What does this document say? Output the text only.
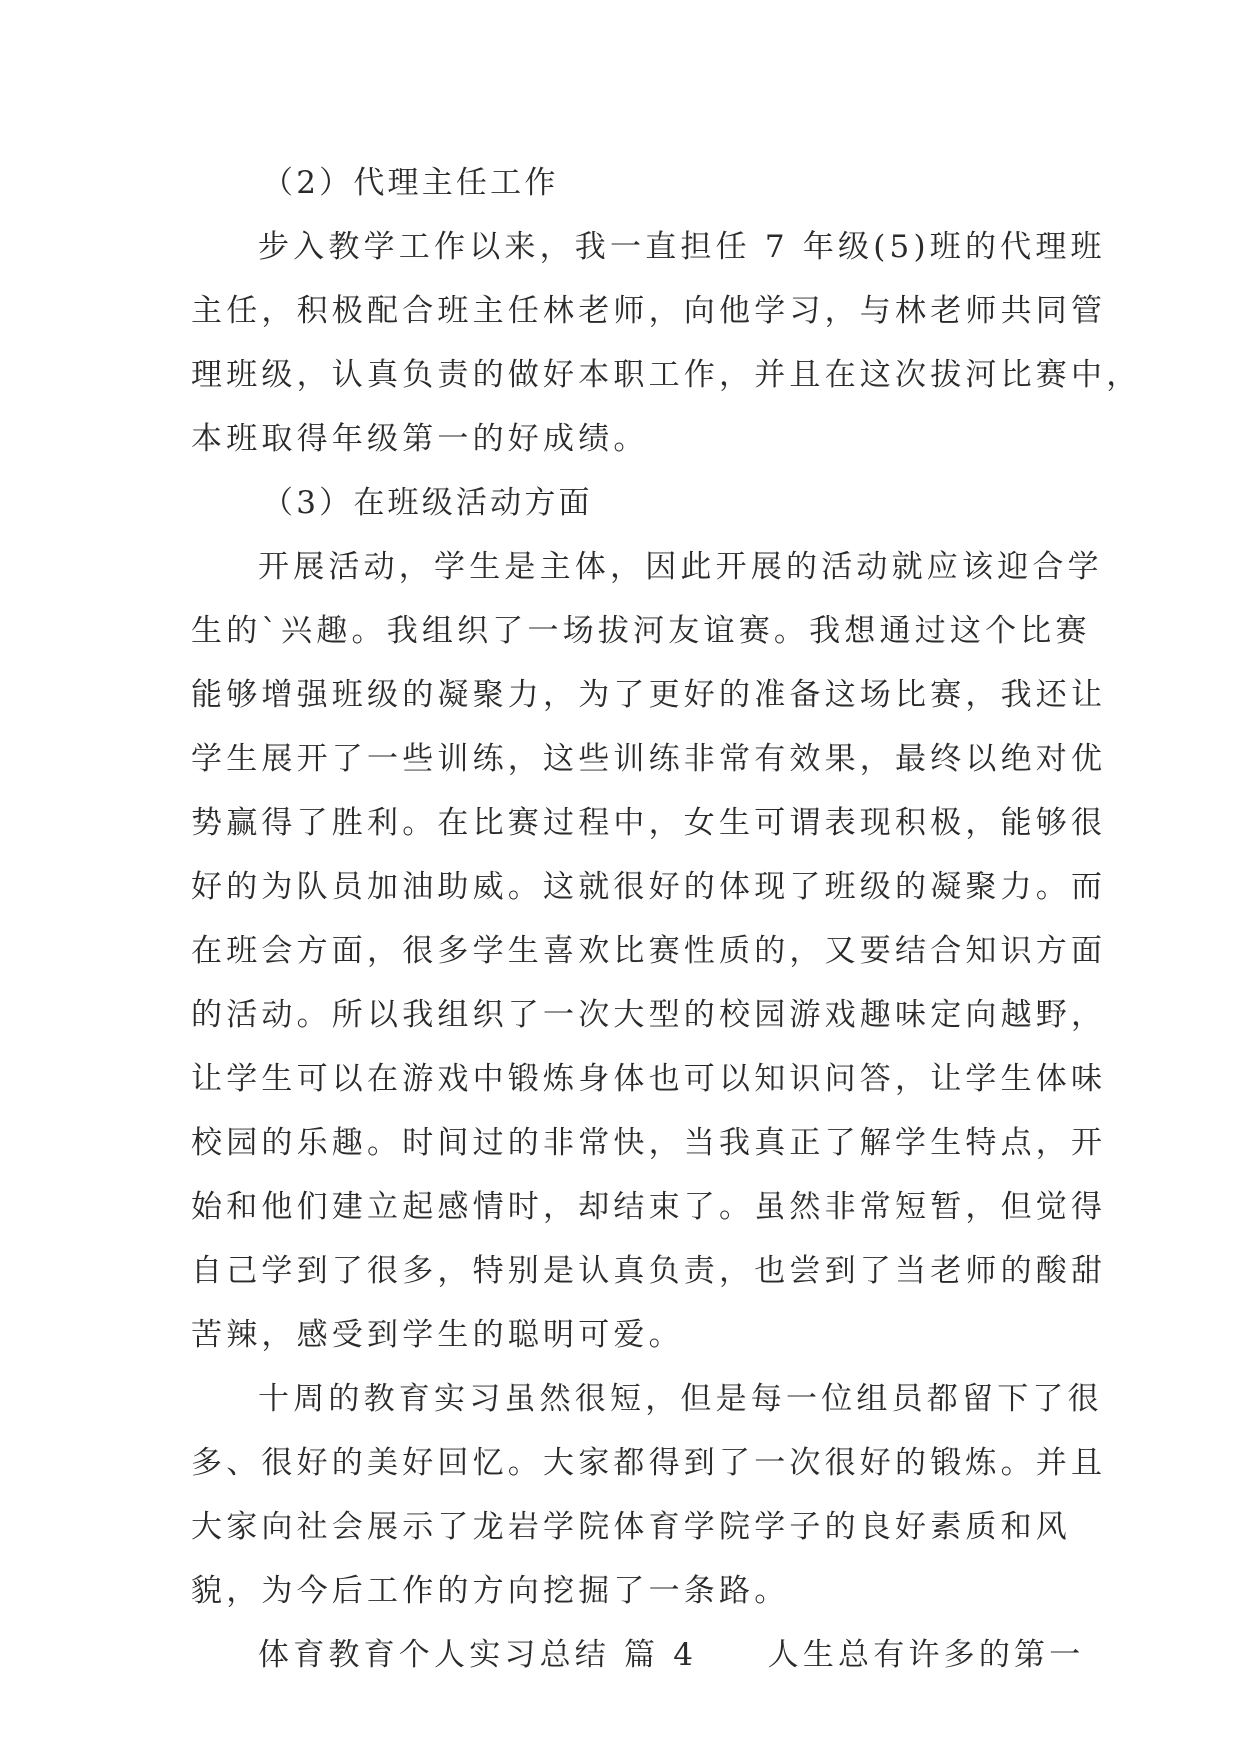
（2）代理主任工作
步入教学工作以来，我一直担任 7 年级(5)班的代理班
主任，积极配合班主任林老师，向他学习，与林老师共同管
理班级，认真负责的做好本职工作，并且在这次拔河比赛中，
本班取得年级第一的好成绩。
（3）在班级活动方面
开展活动，学生是主体，因此开展的活动就应该迎合学
生的`兴趣。我组织了一场拔河友谊赛。我想通过这个比赛
能够增强班级的凝聚力，为了更好的准备这场比赛，我还让
学生展开了一些训练，这些训练非常有效果，最终以绝对优
势赢得了胜利。在比赛过程中，女生可谓表现积极，能够很
好的为队员加油助威。这就很好的体现了班级的凝聚力。而
在班会方面，很多学生喜欢比赛性质的，又要结合知识方面
的活动。所以我组织了一次大型的校园游戏趣味定向越野，
让学生可以在游戏中锻炼身体也可以知识问答，让学生体味
校园的乐趣。时间过的非常快，当我真正了解学生特点，开
始和他们建立起感情时，却结束了。虽然非常短暂，但觉得
自己学到了很多，特别是认真负责，也尝到了当老师的酸甜
苦辣，感受到学生的聪明可爱。
十周的教育实习虽然很短，但是每一位组员都留下了很
多、很好的美好回忆。大家都得到了一次很好的锻炼。并且
大家向社会展示了龙岩学院体育学院学子的良好素质和风
貌，为今后工作的方向挖掘了一条路。
体育教育个人实习总结 篇 4　　人生总有许多的第一
